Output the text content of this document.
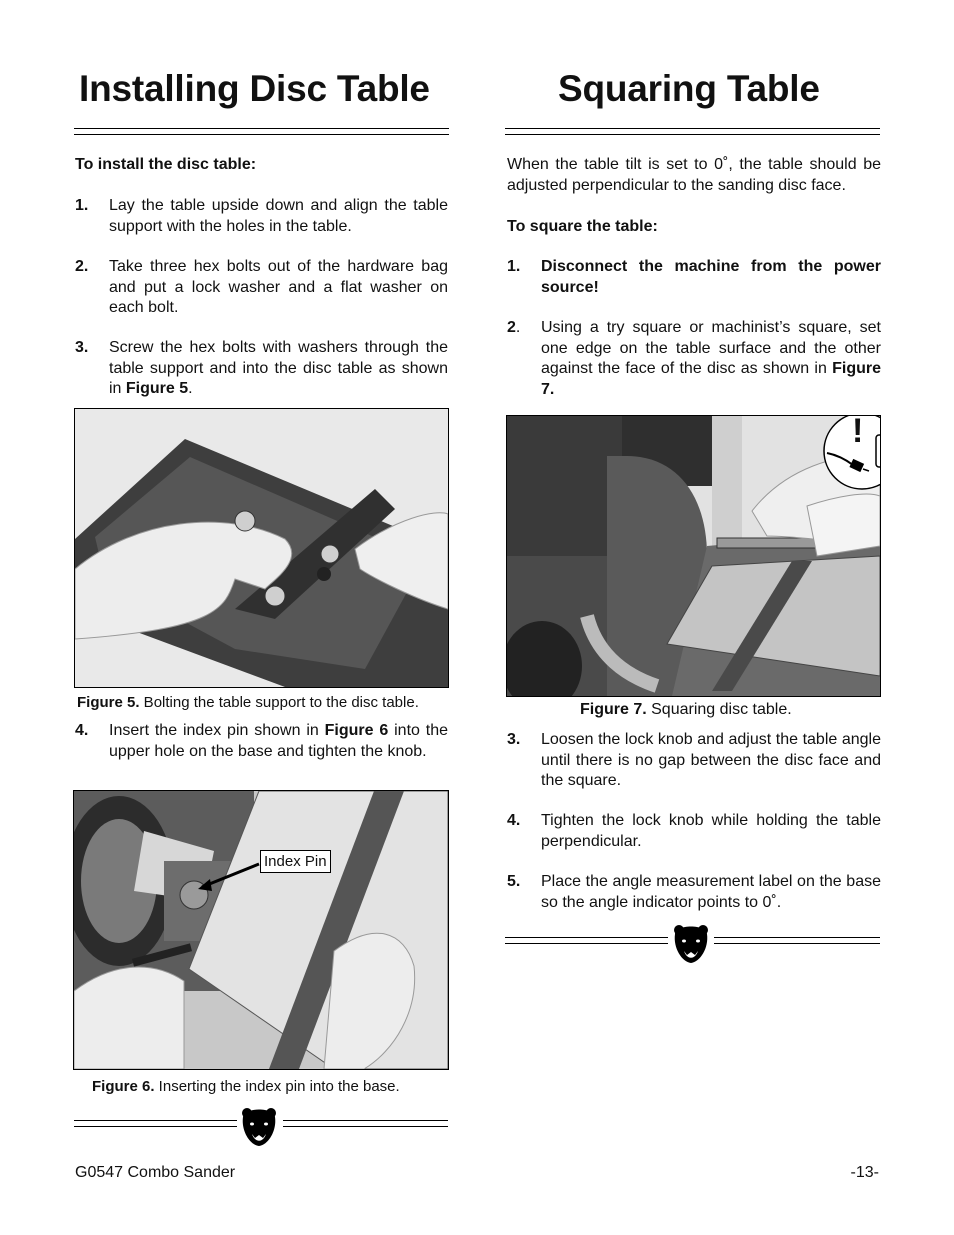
Installing Disc Table

To install the disc table:

1.	Lay the table upside down and align the table support with the holes in the table.
2.	Take three hex bolts out of the hardware bag and put a lock washer and a flat washer on each bolt.
3.	Screw the hex bolts with washers through the table support and into the disc table as shown in Figure 5.
Figure 5. Bolting the table support to the disc table.
4.	Insert the index pin shown in Figure 6 into the upper hole on the base and tighten the knob.
Index Pin
Figure 6. Inserting the index pin into the base.
Squaring Table

When the table tilt is set to 0˚, the table should be adjusted perpendicular to the sanding disc face.

To square the table:

1.	Disconnect the machine from the power source!
2.	Using a try square or machinist’s square, set one edge on the table surface and the other against the face of the disc as shown in Figure 7.
!
Figure 7. Squaring disc table.
3.	Loosen the lock knob and adjust the table angle until there is no gap between the disc face and the square.
4.	Tighten the lock knob while holding the table perpendicular.
5.	Place the angle measurement label on the base so the angle indicator points to 0˚.
G0547 Combo Sander	-13-
